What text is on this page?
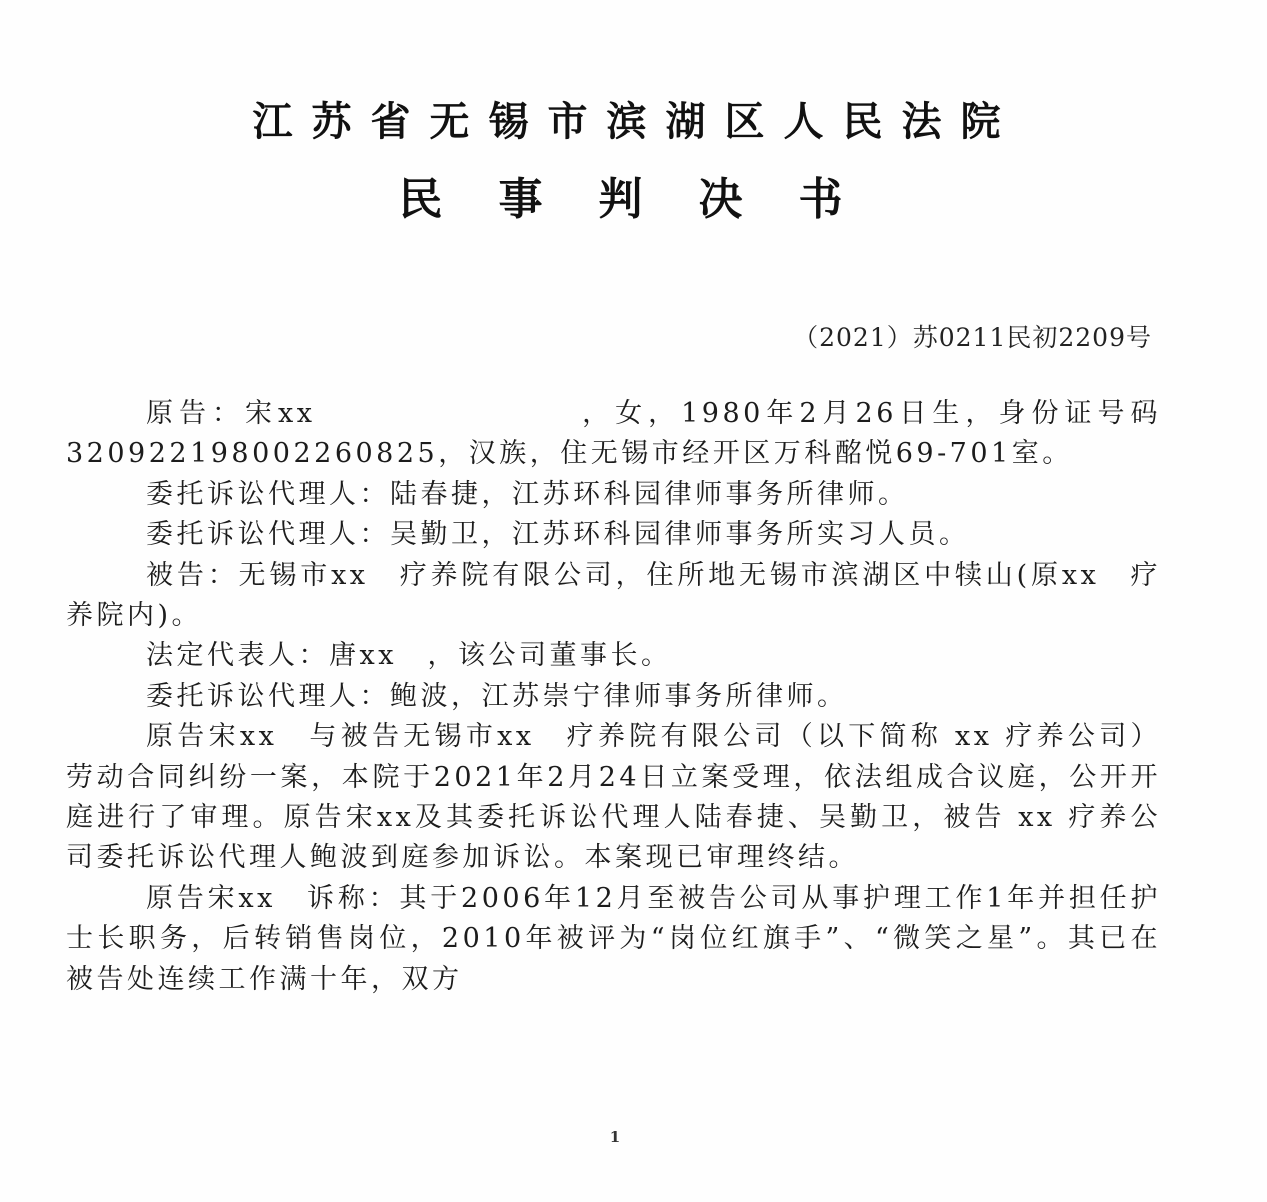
江苏省无锡市滨湖区人民法院
民事判决书
（2021）苏0211民初2209号

原告：宋xx　　　　　　　　，女，1980年2月26日生，身份证号码320922198002260825，汉族，住无锡市经开区万科酩悦69-701室。

委托诉讼代理人：陆春捷，江苏环科园律师事务所律师。

委托诉讼代理人：吴勤卫，江苏环科园律师事务所实习人员。

被告：无锡市xx　疗养院有限公司，住所地无锡市滨湖区中犊山(原xx　疗养院内)。

法定代表人：唐xx　，该公司董事长。

委托诉讼代理人：鲍波，江苏崇宁律师事务所律师。

原告宋xx　与被告无锡市xx　疗养院有限公司（以下简称 xx 疗养公司）劳动合同纠纷一案，本院于2021年2月24日立案受理，依法组成合议庭，公开开庭进行了审理。原告宋xx及其委托诉讼代理人陆春捷、吴勤卫，被告 xx 疗养公司委托诉讼代理人鲍波到庭参加诉讼。本案现已审理终结。

原告宋xx　诉称：其于2006年12月至被告公司从事护理工作1年并担任护士长职务，后转销售岗位，2010年被评为“岗位红旗手”、“微笑之星”。其已在被告处连续工作满十年，双方

1
